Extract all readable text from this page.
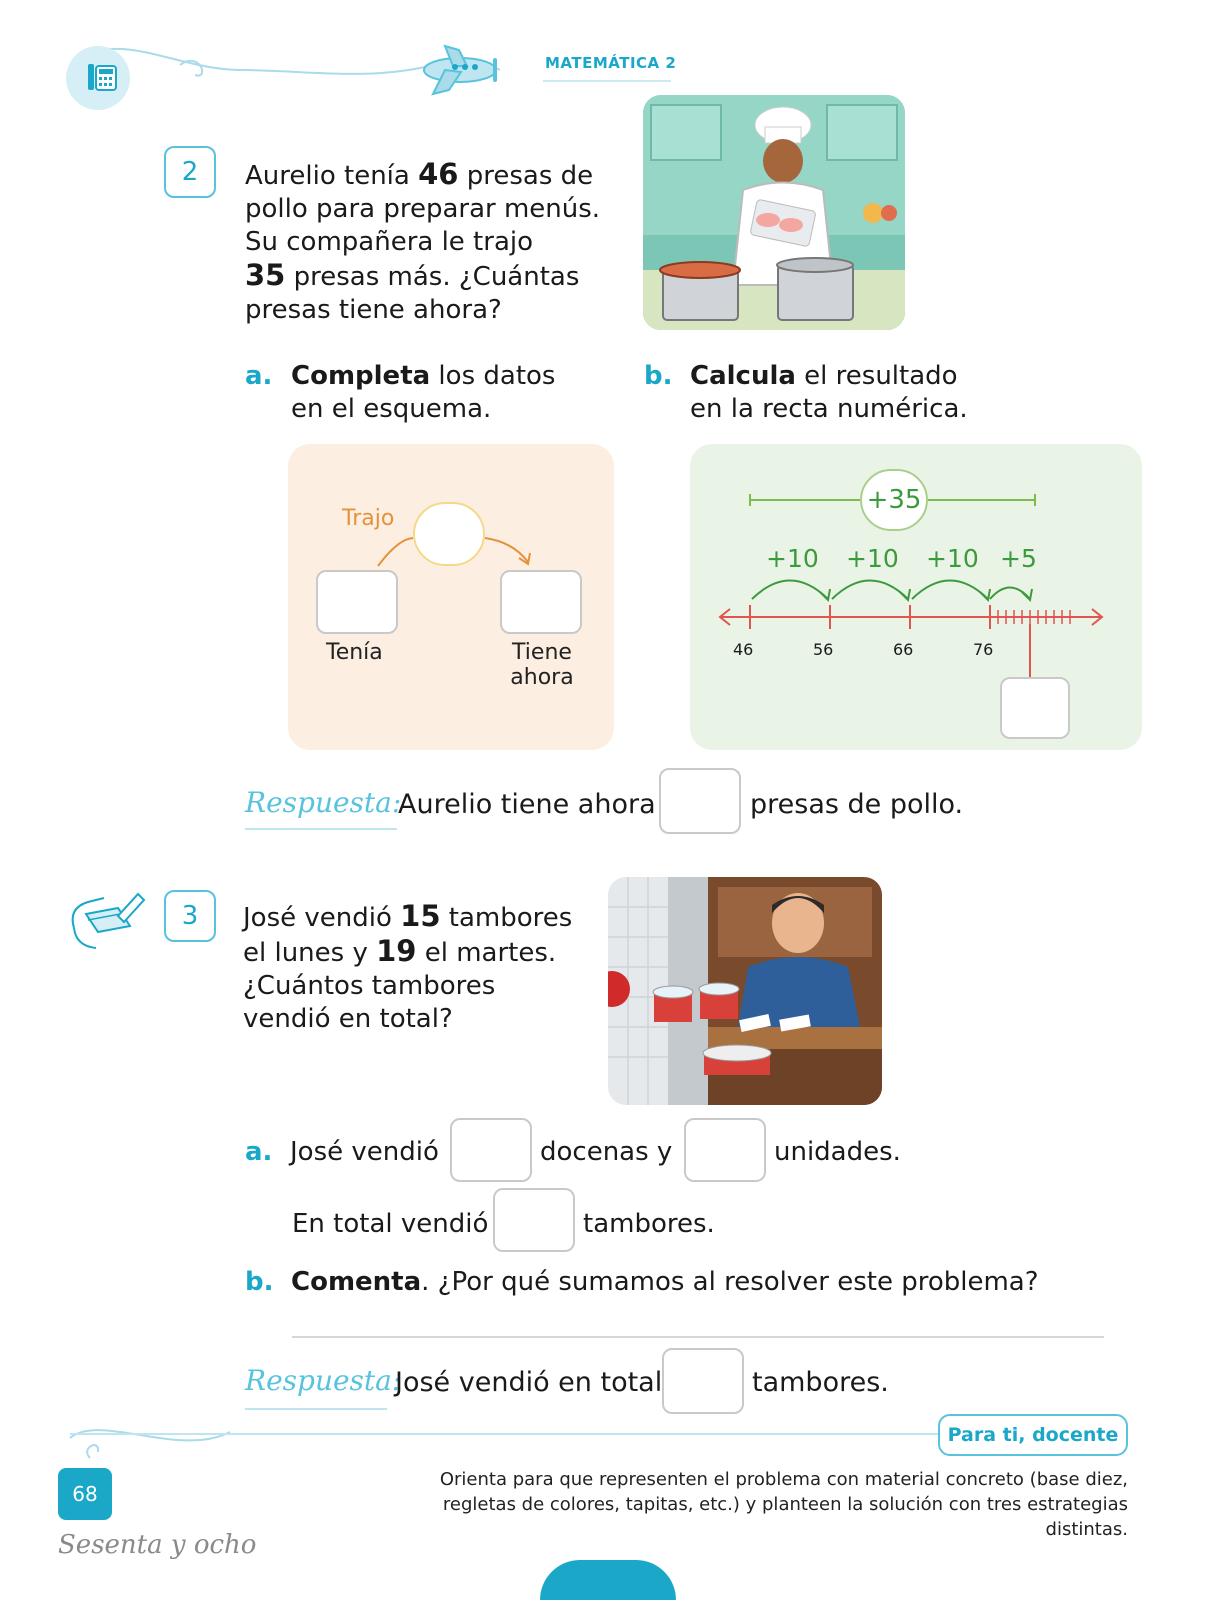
MATEMÁTICA 2
2	Aurelio tenía 46 presas de
pollo para preparar menús.
Su compañera le trajo
35 presas más. ¿Cuántas
presas tiene ahora?
a. Completa los datos
en el esquema.
b. Calcula el resultado
en la recta numérica.
Trajo
Tenía	Tiene
ahora
+35
+10 +10 +10 +5
46	56	66	76
Respuesta:
Aurelio tiene ahora	presas de pollo.
3	José vendió 15 tambores
el lunes y 19 el martes.
¿Cuántos tambores
vendió en total?
a. José vendió	docenas y	unidades.
En total vendió	tambores.
b. Comenta. ¿Por qué sumamos al resolver este problema?
Respuesta:
José vendió en total	tambores.
Para ti, docente
Orienta para que representen el problema con material concreto (base diez,
regletas de colores, tapitas, etc.) y planteen la solución con tres estrategias
distintas.
68
Sesenta y ocho
